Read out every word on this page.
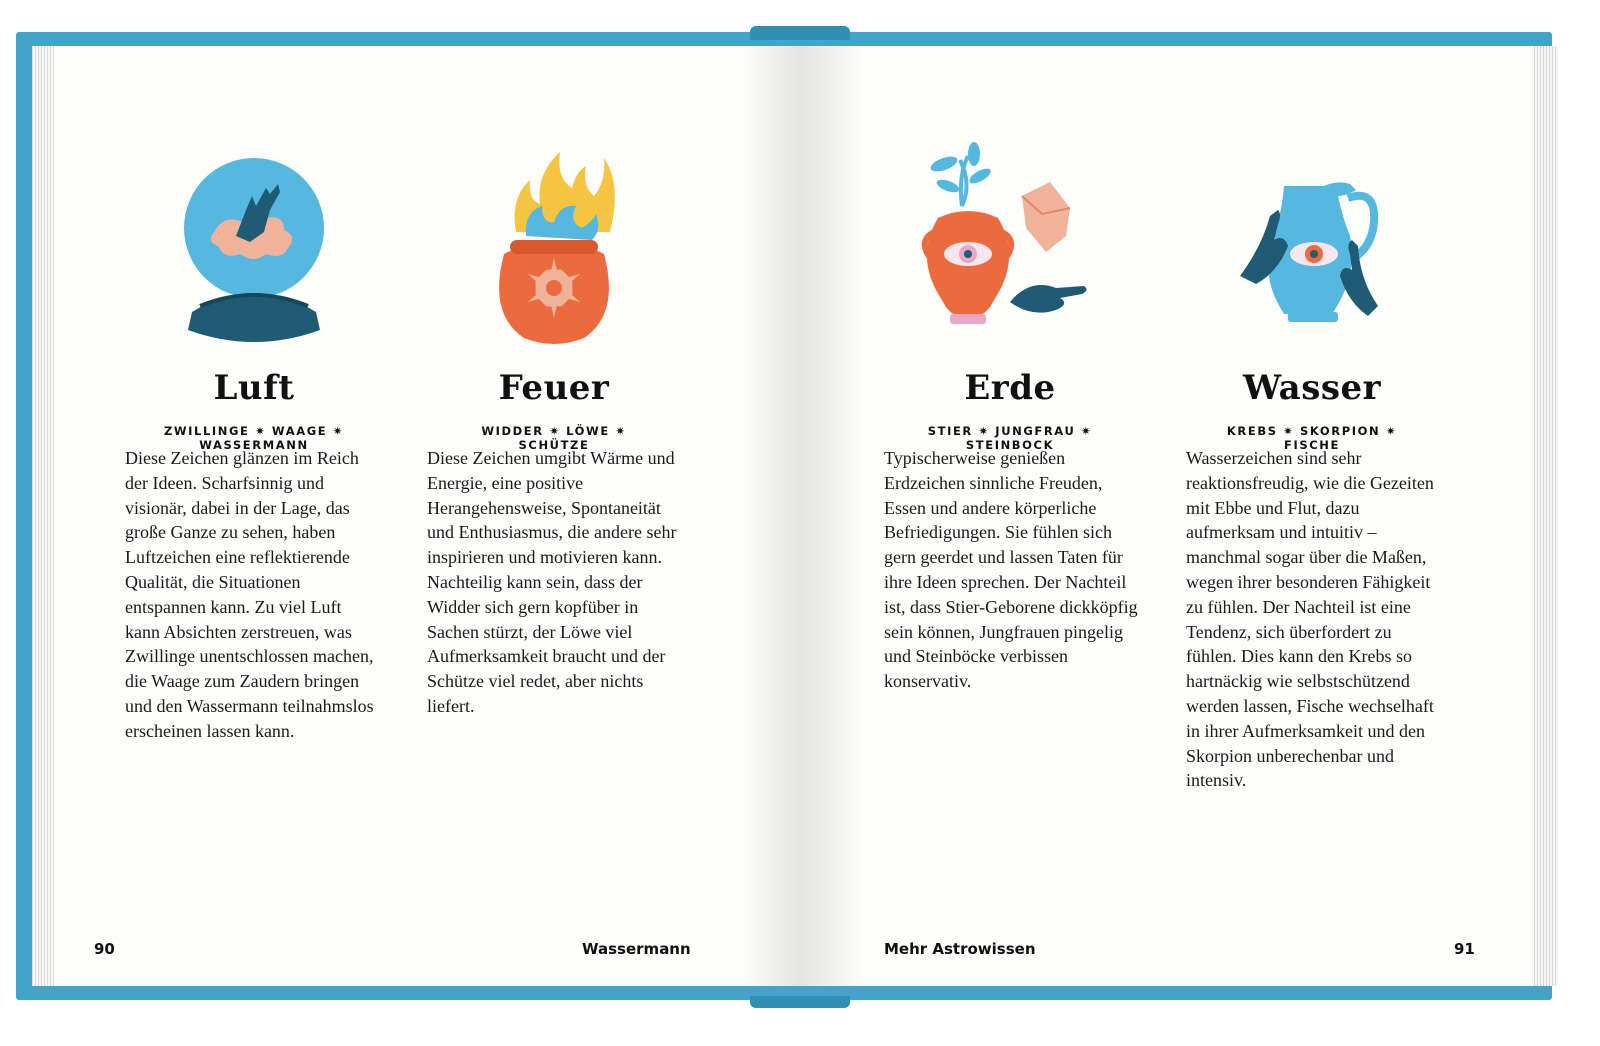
Luft
ZWILLINGE ✷ WAAGE ✷
WASSERMANN
Diese Zeichen glänzen im Reich der Ideen. Scharfsinnig und visionär, dabei in der Lage, das große Ganze zu sehen, haben Luftzeichen eine reflektierende Qualität, die Situationen entspannen kann. Zu viel Luft kann Absichten zerstreuen, was Zwillinge unentschlossen machen, die Waage zum Zaudern bringen und den Wassermann teilnahmslos erscheinen lassen kann.
Feuer
WIDDER ✷ LÖWE ✷
SCHÜTZE
Diese Zeichen umgibt Wärme und Energie, eine positive Herangehensweise, Spontaneität und Enthusiasmus, die andere sehr inspirieren und motivieren kann. Nachteilig kann sein, dass der Widder sich gern kopfüber in Sachen stürzt, der Löwe viel Aufmerksamkeit braucht und der Schütze viel redet, aber nichts liefert.
90	Wassermann
Erde
STIER ✷ JUNGFRAU ✷
STEINBOCK
Typischerweise genießen Erdzeichen sinnliche Freuden, Essen und andere körperliche Befriedigungen. Sie fühlen sich gern geerdet und lassen Taten für ihre Ideen sprechen. Der Nachteil ist, dass Stier-Geborene dickköpfig sein können, Jungfrauen pingelig und Steinböcke verbissen konservativ.
Wasser
KREBS ✷ SKORPION ✷
FISCHE
Wasserzeichen sind sehr reaktionsfreudig, wie die Gezeiten mit Ebbe und Flut, dazu aufmerksam und intuitiv – manchmal sogar über die Maßen, wegen ihrer besonderen Fähigkeit zu fühlen. Der Nachteil ist eine Tendenz, sich überfordert zu fühlen. Dies kann den Krebs so hartnäckig wie selbstschützend werden lassen, Fische wechselhaft in ihrer Aufmerksamkeit und den Skorpion unberechenbar und intensiv.
Mehr Astrowissen	91
